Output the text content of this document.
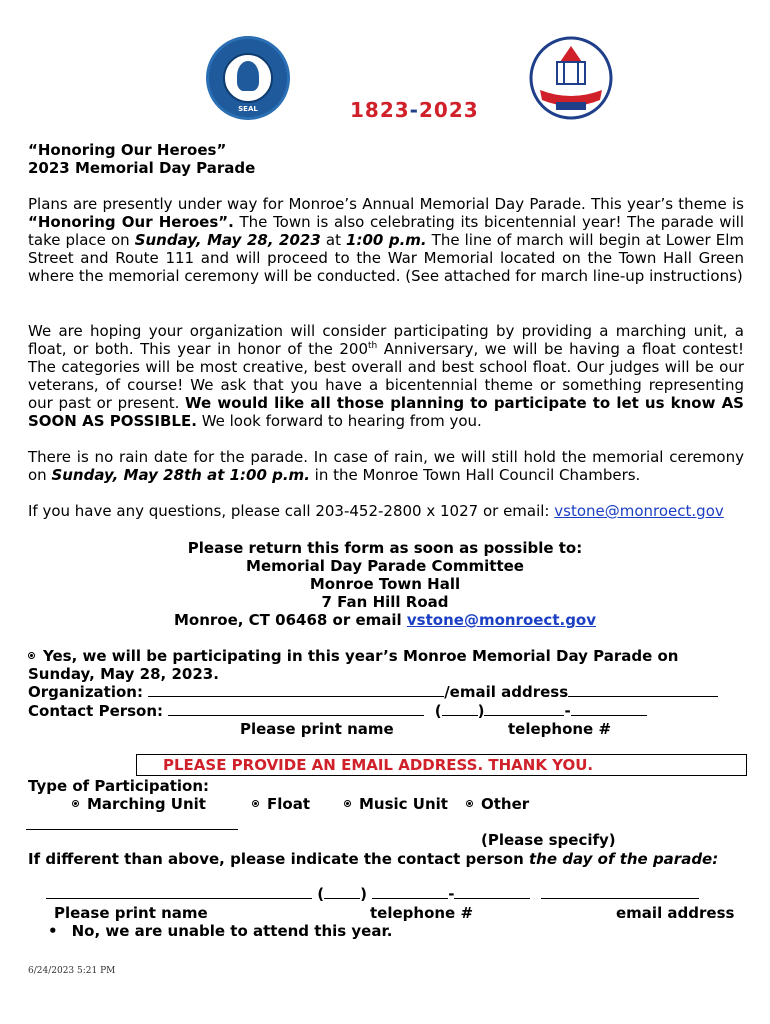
SEAL	1823-2023
“Honoring Our Heroes”
2023 Memorial Day Parade
Plans are presently under way for Monroe’s Annual Memorial Day Parade. This year’s theme is “Honoring Our Heroes”. The Town is also celebrating its bicentennial year! The parade will take place on Sunday, May 28, 2023 at 1:00 p.m. The line of march will begin at Lower Elm Street and Route 111 and will proceed to the War Memorial located on the Town Hall Green where the memorial ceremony will be conducted. (See attached for march line-up instructions)
We are hoping your organization will consider participating by providing a marching unit, a float, or both. This year in honor of the 200th Anniversary, we will be having a float contest! The categories will be most creative, best overall and best school float. Our judges will be our veterans, of course! We ask that you have a bicentennial theme or something representing our past or present. We would like all those planning to participate to let us know AS SOON AS POSSIBLE. We look forward to hearing from you.
There is no rain date for the parade. In case of rain, we will still hold the memorial ceremony on Sunday, May 28th at 1:00 p.m. in the Monroe Town Hall Council Chambers.
If you have any questions, please call 203-452-2800 x 1027 or email: vstone@monroect.gov
Please return this form as soon as possible to:
Memorial Day Parade Committee
Monroe Town Hall
7 Fan Hill Road
Monroe, CT 06468 or email vstone@monroect.gov
Yes, we will be participating in this year’s Monroe Memorial Day Parade on
Sunday, May 28, 2023.
Organization:	/email address
Contact Person:	( )	-
Please print name	telephone #
PLEASE PROVIDE AN EMAIL ADDRESS. THANK YOU.
Type of Participation:
Marching Unit	Float	Music Unit	Other
(Please specify)
If different than above, please indicate the contact person the day of the parade:
( )	-
Please print name	telephone #	email address
• No, we are unable to attend this year.
6/24/2023 5:21 PM
